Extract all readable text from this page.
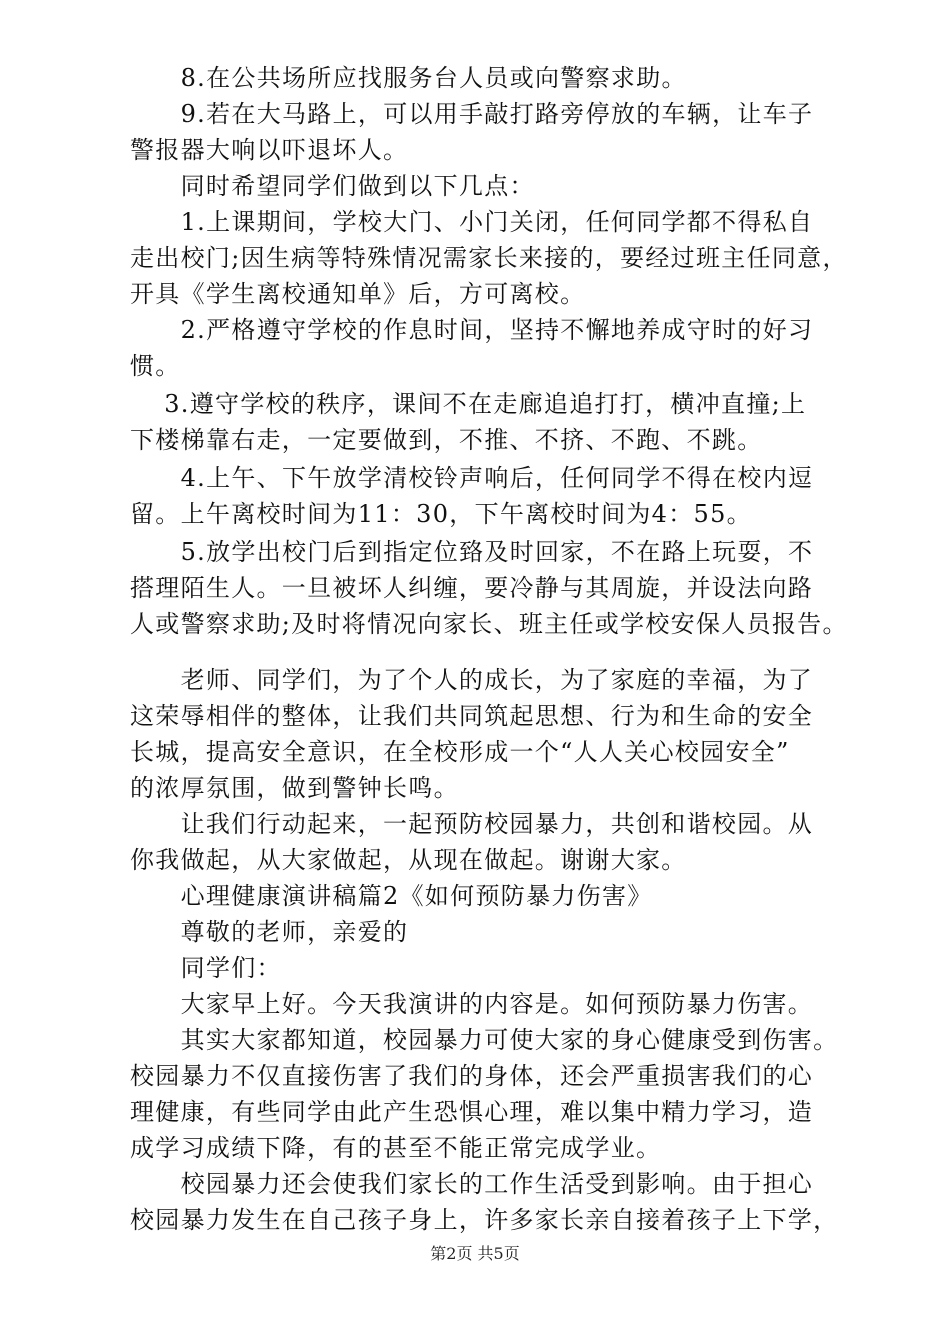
　　8.在公共场所应找服务台人员或向警察求助。
　　9.若在大马路上，可以用手敲打路旁停放的车辆，让车子
警报器大响以吓退坏人。
　　同时希望同学们做到以下几点：
　　1.上课期间，学校大门、小门关闭，任何同学都不得私自
走出校门;因生病等特殊情况需家长来接的，要经过班主任同意，
开具《学生离校通知单》后，方可离校。
　　2.严格遵守学校的作息时间，坚持不懈地养成守时的好习
惯。
　 3.遵守学校的秩序，课间不在走廊追追打打，横冲直撞;上
下楼梯靠右走，一定要做到，不推、不挤、不跑、不跳。
　　4.上午、下午放学清校铃声响后，任何同学不得在校内逗
留。上午离校时间为11：30，下午离校时间为4：55。
　　5.放学出校门后到指定位臵及时回家，不在路上玩耍，不
搭理陌生人。一旦被坏人纠缠，要冷静与其周旋，并设法向路
人或警察求助;及时将情况向家长、班主任或学校安保人员报告。
　　老师、同学们，为了个人的成长，为了家庭的幸福，为了
这荣辱相伴的整体，让我们共同筑起思想、行为和生命的安全
长城，提高安全意识，在全校形成一个“人人关心校园安全”
的浓厚氛围，做到警钟长鸣。
　　让我们行动起来，一起预防校园暴力，共创和谐校园。从
你我做起，从大家做起，从现在做起。谢谢大家。
　　心理健康演讲稿篇2《如何预防暴力伤害》
　　尊敬的老师，亲爱的
　　同学们：
　　大家早上好。今天我演讲的内容是。如何预防暴力伤害。
　　其实大家都知道，校园暴力可使大家的身心健康受到伤害。
校园暴力不仅直接伤害了我们的身体，还会严重损害我们的心
理健康，有些同学由此产生恐惧心理，难以集中精力学习，造
成学习成绩下降，有的甚至不能正常完成学业。
　　校园暴力还会使我们家长的工作生活受到影响。由于担心
校园暴力发生在自己孩子身上，许多家长亲自接着孩子上下学，
第2页 共5页
